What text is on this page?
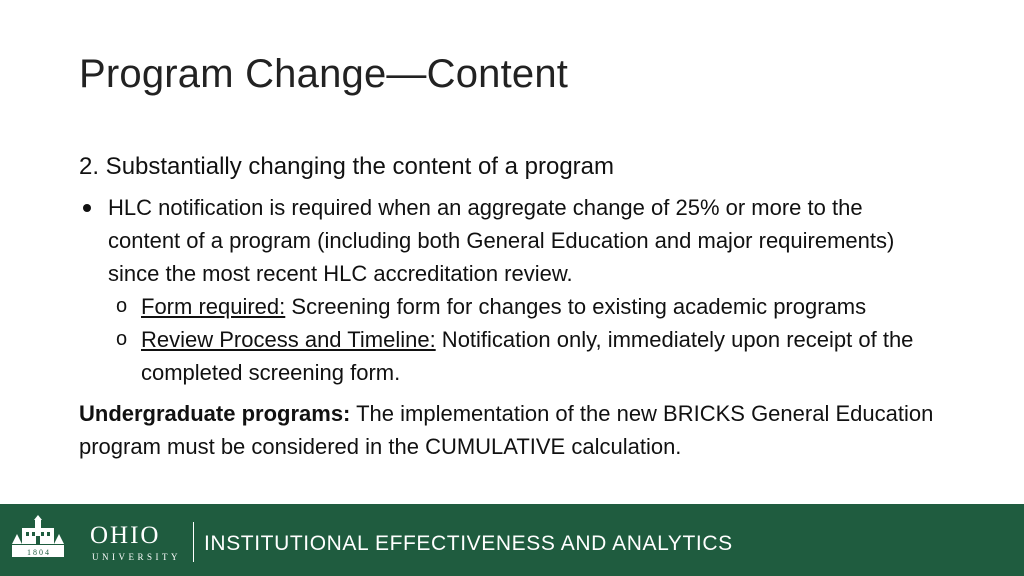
Program Change—Content
2. Substantially changing the content of a program
HLC notification is required when an aggregate change of 25% or more to the content of a program (including both General Education and major requirements) since the most recent HLC accreditation review.
o Form required: Screening form for changes to existing academic programs
o Review Process and Timeline: Notification only, immediately upon receipt of the completed screening form.
Undergraduate programs: The implementation of the new BRICKS General Education program must be considered in the CUMULATIVE calculation.
1 8 0 4
OHIO
UNIVERSITY
INSTITUTIONAL EFFECTIVENESS AND ANALYTICS
